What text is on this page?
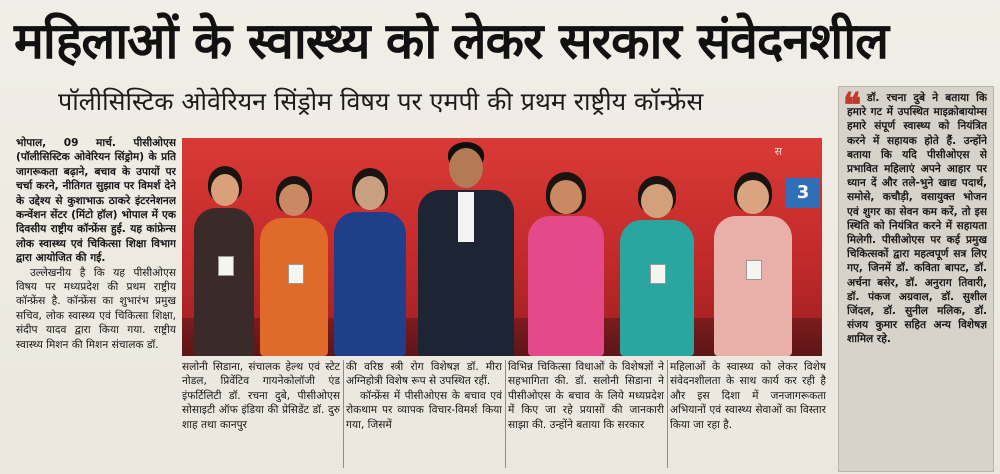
महिलाओं के स्वास्थ्य को लेकर सरकार संवेदनशील
पॉलीसिस्टिक ओवेरियन सिंड्रोम विषय पर एमपी की प्रथम राष्ट्रीय कॉन्फ्रेंस

भोपाल, 09 मार्च. पीसीओएस (पॉलीसिस्टिक ओवेरियन सिंड्रोम) के प्रति जागरूकता बढ़ाने, बचाव के उपायों पर चर्चा करने, नीतिगत सुझाव पर विमर्श देने के उद्देश्य से कुशाभाऊ ठाकरे इंटरनेशनल कन्वेंशन सेंटर (मिंटो हॉल) भोपाल में एक दिवसीय राष्ट्रीय कॉन्फ्रेंस हुई. यह कांफ्रेन्स लोक स्वास्थ्य एवं चिकित्सा शिक्षा विभाग द्वारा आयोजित की गई.

उल्लेखनीय है कि यह पीसीओएस विषय पर मध्यप्रदेश की प्रथम राष्ट्रीय कॉन्फ्रेंस है. कॉन्फ्रेंस का शुभारंभ प्रमुख सचिव, लोक स्वास्थ्य एवं चिकित्सा शिक्षा, संदीप यादव द्वारा किया गया. राष्ट्रीय स्वास्थ्य मिशन की मिशन संचालक डॉ.

स
3
सलोनी सिडाना, संचालक हेल्थ एवं स्टेट नोडल, प्रिवेंटिव गायनेकोलॉजी एंड इंफर्टिलिटी डॉ. रचना दुबे, पीसीओएस सोसाइटी ऑफ इंडिया की प्रेसिडेंट डॉ. दुरु शाह तथा कानपुर

की वरिष्ठ स्त्री रोग विशेषज्ञ डॉ. मीरा अग्निहोत्री विशेष रूप से उपस्थित रहीं.

कॉन्फ्रेंस में पीसीओएस के बचाव एवं रोकथाम पर व्यापक विचार-विमर्श किया गया, जिसमें

विभिन्न चिकित्सा विधाओं के विशेषज्ञों ने सहभागिता की. डॉ. सलोनी सिडाना ने पीसीओएस के बचाव के लिये मध्यप्रदेश में किए जा रहे प्रयासों की जानकारी साझा की. उन्होंने बताया कि सरकार
महिलाओं के स्वास्थ्य को लेकर विशेष संवेदनशीलता के साथ कार्य कर रही है और इस दिशा में जनजागरूकता अभियानों एवं स्वास्थ्य सेवाओं का विस्तार किया जा रहा है.
❝ डॉ. रचना दुबे ने बताया कि हमारे गट में उपस्थित माइक्रोबायोम्स हमारे संपूर्ण स्वास्थ्य को नियंत्रित करने में सहायक होते हैं. उन्होंने बताया कि यदि पीसीओएस से प्रभावित महिलाएं अपने आहार पर ध्यान दें और तले-भुने खाद्य पदार्थ, समोसे, कचौड़ी, वसायुक्त भोजन एवं शुगर का सेवन कम करें, तो इस स्थिति को नियंत्रित करने में सहायता मिलेगी. पीसीओएस पर कई प्रमुख चिकित्सकों द्वारा महत्वपूर्ण सत्र लिए गए, जिनमें डॉ. कविता बापट, डॉ. अर्चना बसेर, डॉ. अनुराग तिवारी, डॉ. पंकज अग्रवाल, डॉ. सुशील जिंदल, डॉ. सुनील मलिक, डॉ. संजय कुमार सहित अन्य विशेषज्ञ शामिल रहे.
